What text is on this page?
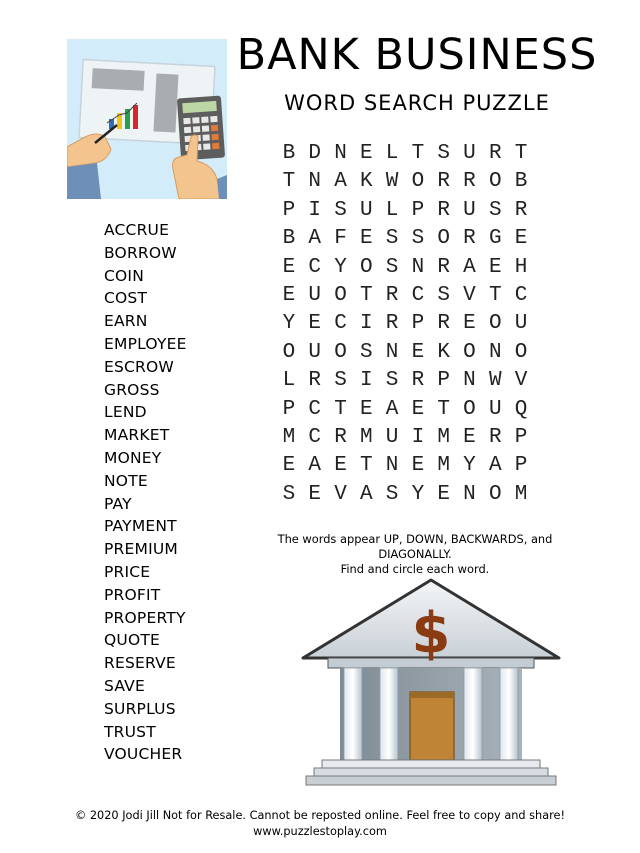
BANK BUSINESS
WORD SEARCH PUZZLE
ACCRUE
BORROW
COIN
COST
EARN
EMPLOYEE
ESCROW
GROSS
LEND
MARKET
MONEY
NOTE
PAY
PAYMENT
PREMIUM
PRICE
PROFIT
PROPERTY
QUOTE
RESERVE
SAVE
SURPLUS
TRUST
VOUCHER
B D N E L T S U R T
T N A K W O R R O B
P I S U L P R U S R
B A F E S S O R G E
E C Y O S N R A E H
E U O T R C S V T C
Y E C I R P R E O U
O U O S N E K O N O
L R S I S R P N W V
P C T E A E T O U Q
M C R M U I M E R P
E A E T N E M Y A P
S E V A S Y E N O M
The words appear UP, DOWN, BACKWARDS, and DIAGONALLY.
Find and circle each word.
$
© 2020 Jodi Jill Not for Resale. Cannot be reposted online. Feel free to copy and share!
www.puzzlestoplay.com
